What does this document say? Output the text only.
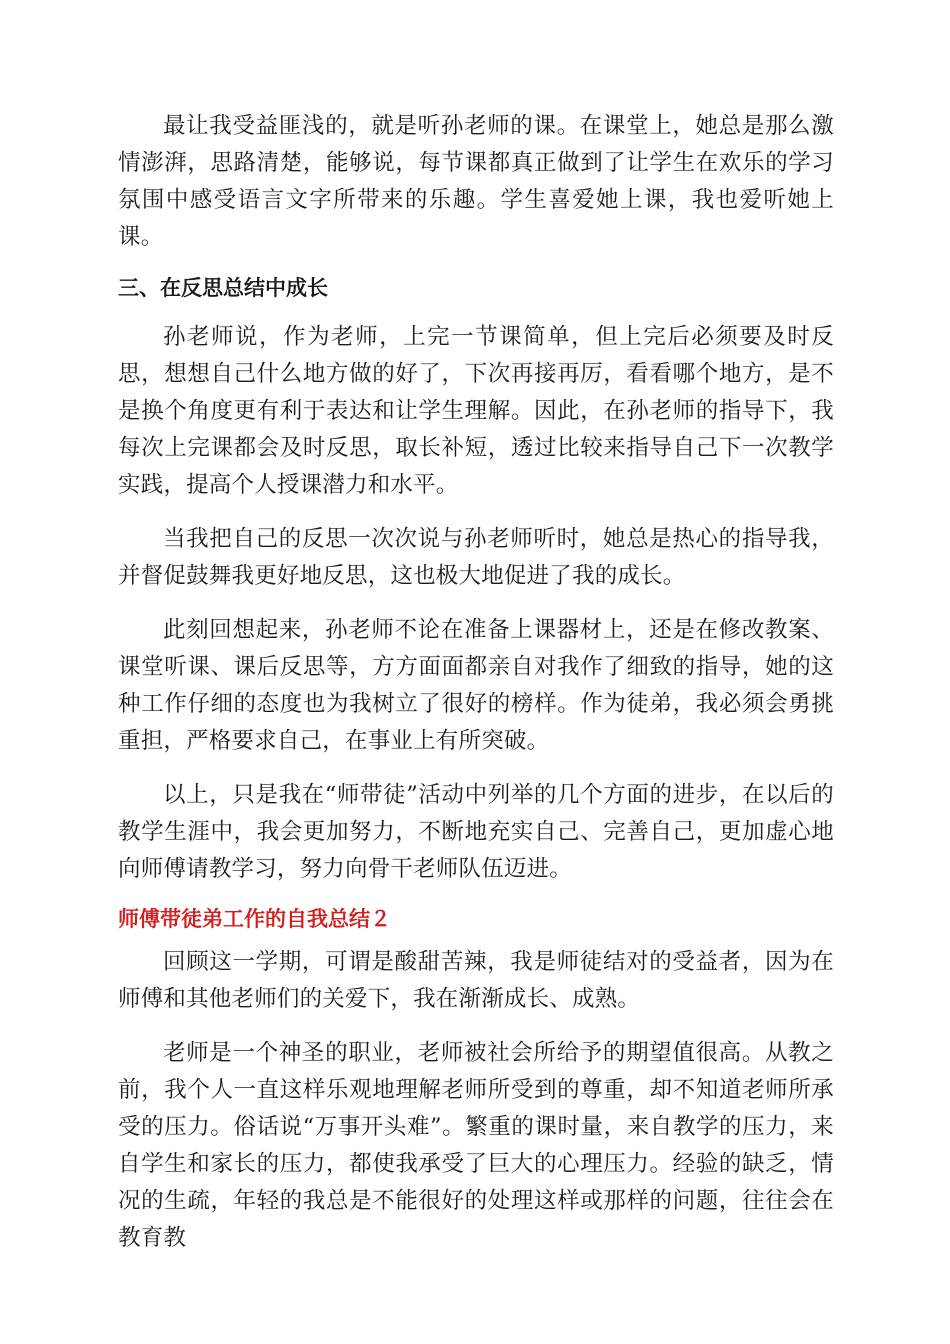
最让我受益匪浅的，就是听孙老师的课。在课堂上，她总是那么激情澎湃，思路清楚，能够说，每节课都真正做到了让学生在欢乐的学习氛围中感受语言文字所带来的乐趣。学生喜爱她上课，我也爱听她上课。

三、在反思总结中成长

孙老师说，作为老师，上完一节课简单，但上完后必须要及时反思，想想自己什么地方做的好了，下次再接再厉，看看哪个地方，是不是换个角度更有利于表达和让学生理解。因此，在孙老师的指导下，我每次上完课都会及时反思，取长补短，透过比较来指导自己下一次教学实践，提高个人授课潜力和水平。

当我把自己的反思一次次说与孙老师听时，她总是热心的指导我，并督促鼓舞我更好地反思，这也极大地促进了我的成长。

此刻回想起来，孙老师不论在准备上课器材上，还是在修改教案、课堂听课、课后反思等，方方面面都亲自对我作了细致的指导，她的这种工作仔细的态度也为我树立了很好的榜样。作为徒弟，我必须会勇挑重担，严格要求自己，在事业上有所突破。

以上，只是我在“师带徒”活动中列举的几个方面的进步，在以后的教学生涯中，我会更加努力，不断地充实自己、完善自己，更加虚心地向师傅请教学习，努力向骨干老师队伍迈进。

师傅带徒弟工作的自我总结２

回顾这一学期，可谓是酸甜苦辣，我是师徒结对的受益者，因为在师傅和其他老师们的关爱下，我在渐渐成长、成熟。

老师是一个神圣的职业，老师被社会所给予的期望值很高。从教之前，我个人一直这样乐观地理解老师所受到的尊重，却不知道老师所承受的压力。俗话说“万事开头难”。繁重的课时量，来自教学的压力，来自学生和家长的压力，都使我承受了巨大的心理压力。经验的缺乏，情况的生疏，年轻的我总是不能很好的处理这样或那样的问题，往往会在教育教
